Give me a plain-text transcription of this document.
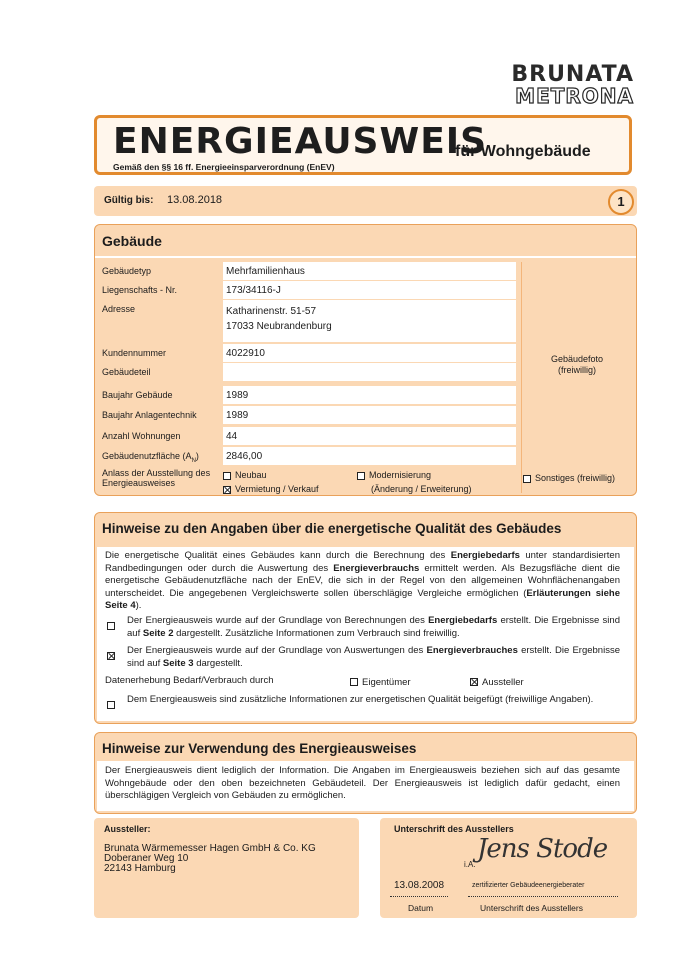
BRUNATA
METRONA
ENERGIEAUSWEIS
für Wohngebäude
Gemäß den §§ 16 ff. Energieeinsparverordnung (EnEV)
Gültig bis: 13.08.2018	1
Gebäude
Gebäudetyp	Mehrfamilienhaus
Liegenschafts - Nr.	173/34116-J
Adresse	Katharinenstr. 51-57
17033 Neubrandenburg
Kundennummer	4022910
Gebäudeteil
Baujahr Gebäude	1989
Baujahr Anlagentechnik	1989
Anzahl Wohnungen	44
Gebäudenutzfläche $(A_N)$	2846,00
Anlass der Ausstellung des Energieausweises
Neubau
Vermietung / Verkauf
Modernisierung
(Änderung / Erweiterung)
Sonstiges (freiwillig)
Gebäudefoto
(freiwillig)
Hinweise zu den Angaben über die energetische Qualität des Gebäudes
Die energetische Qualität eines Gebäudes kann durch die Berechnung des Energiebedarfs unter standardisierten Randbedingungen oder durch die Auswertung des Energieverbrauchs ermittelt werden. Als Bezugsfläche dient die energetische Gebäudenutzfläche nach der EnEV, die sich in der Regel von den allgemeinen Wohnflächenangaben unterscheidet. Die angegebenen Vergleichswerte sollen überschlägige Vergleiche ermöglichen (Erläuterungen siehe Seite 4).
Der Energieausweis wurde auf der Grundlage von Berechnungen des Energiebedarfs erstellt. Die Ergebnisse sind auf Seite 2 dargestellt. Zusätzliche Informationen zum Verbrauch sind freiwillig.
Der Energieausweis wurde auf der Grundlage von Auswertungen des Energieverbrauches erstellt. Die Ergebnisse sind auf Seite 3 dargestellt.
Datenerhebung Bedarf/Verbrauch durch	Eigentümer	Aussteller
Dem Energieausweis sind zusätzliche Informationen zur energetischen Qualität beigefügt (freiwillige Angaben).
Hinweise zur Verwendung des Energieausweises
Der Energieausweis dient lediglich der Information. Die Angaben im Energieausweis beziehen sich auf das gesamte Wohngebäude oder den oben bezeichneten Gebäudeteil. Der Energieausweis ist lediglich dafür gedacht, einen überschlägigen Vergleich von Gebäuden zu ermöglichen.
Aussteller:
Brunata Wärmemesser Hagen GmbH & Co. KG
Doberaner Weg 10
22143 Hamburg
Unterschrift des Ausstellers
i.A.
Jens Stode
13.08.2008	zertifizierter Gebäudeenergieberater
Datum	Unterschrift des Ausstellers
